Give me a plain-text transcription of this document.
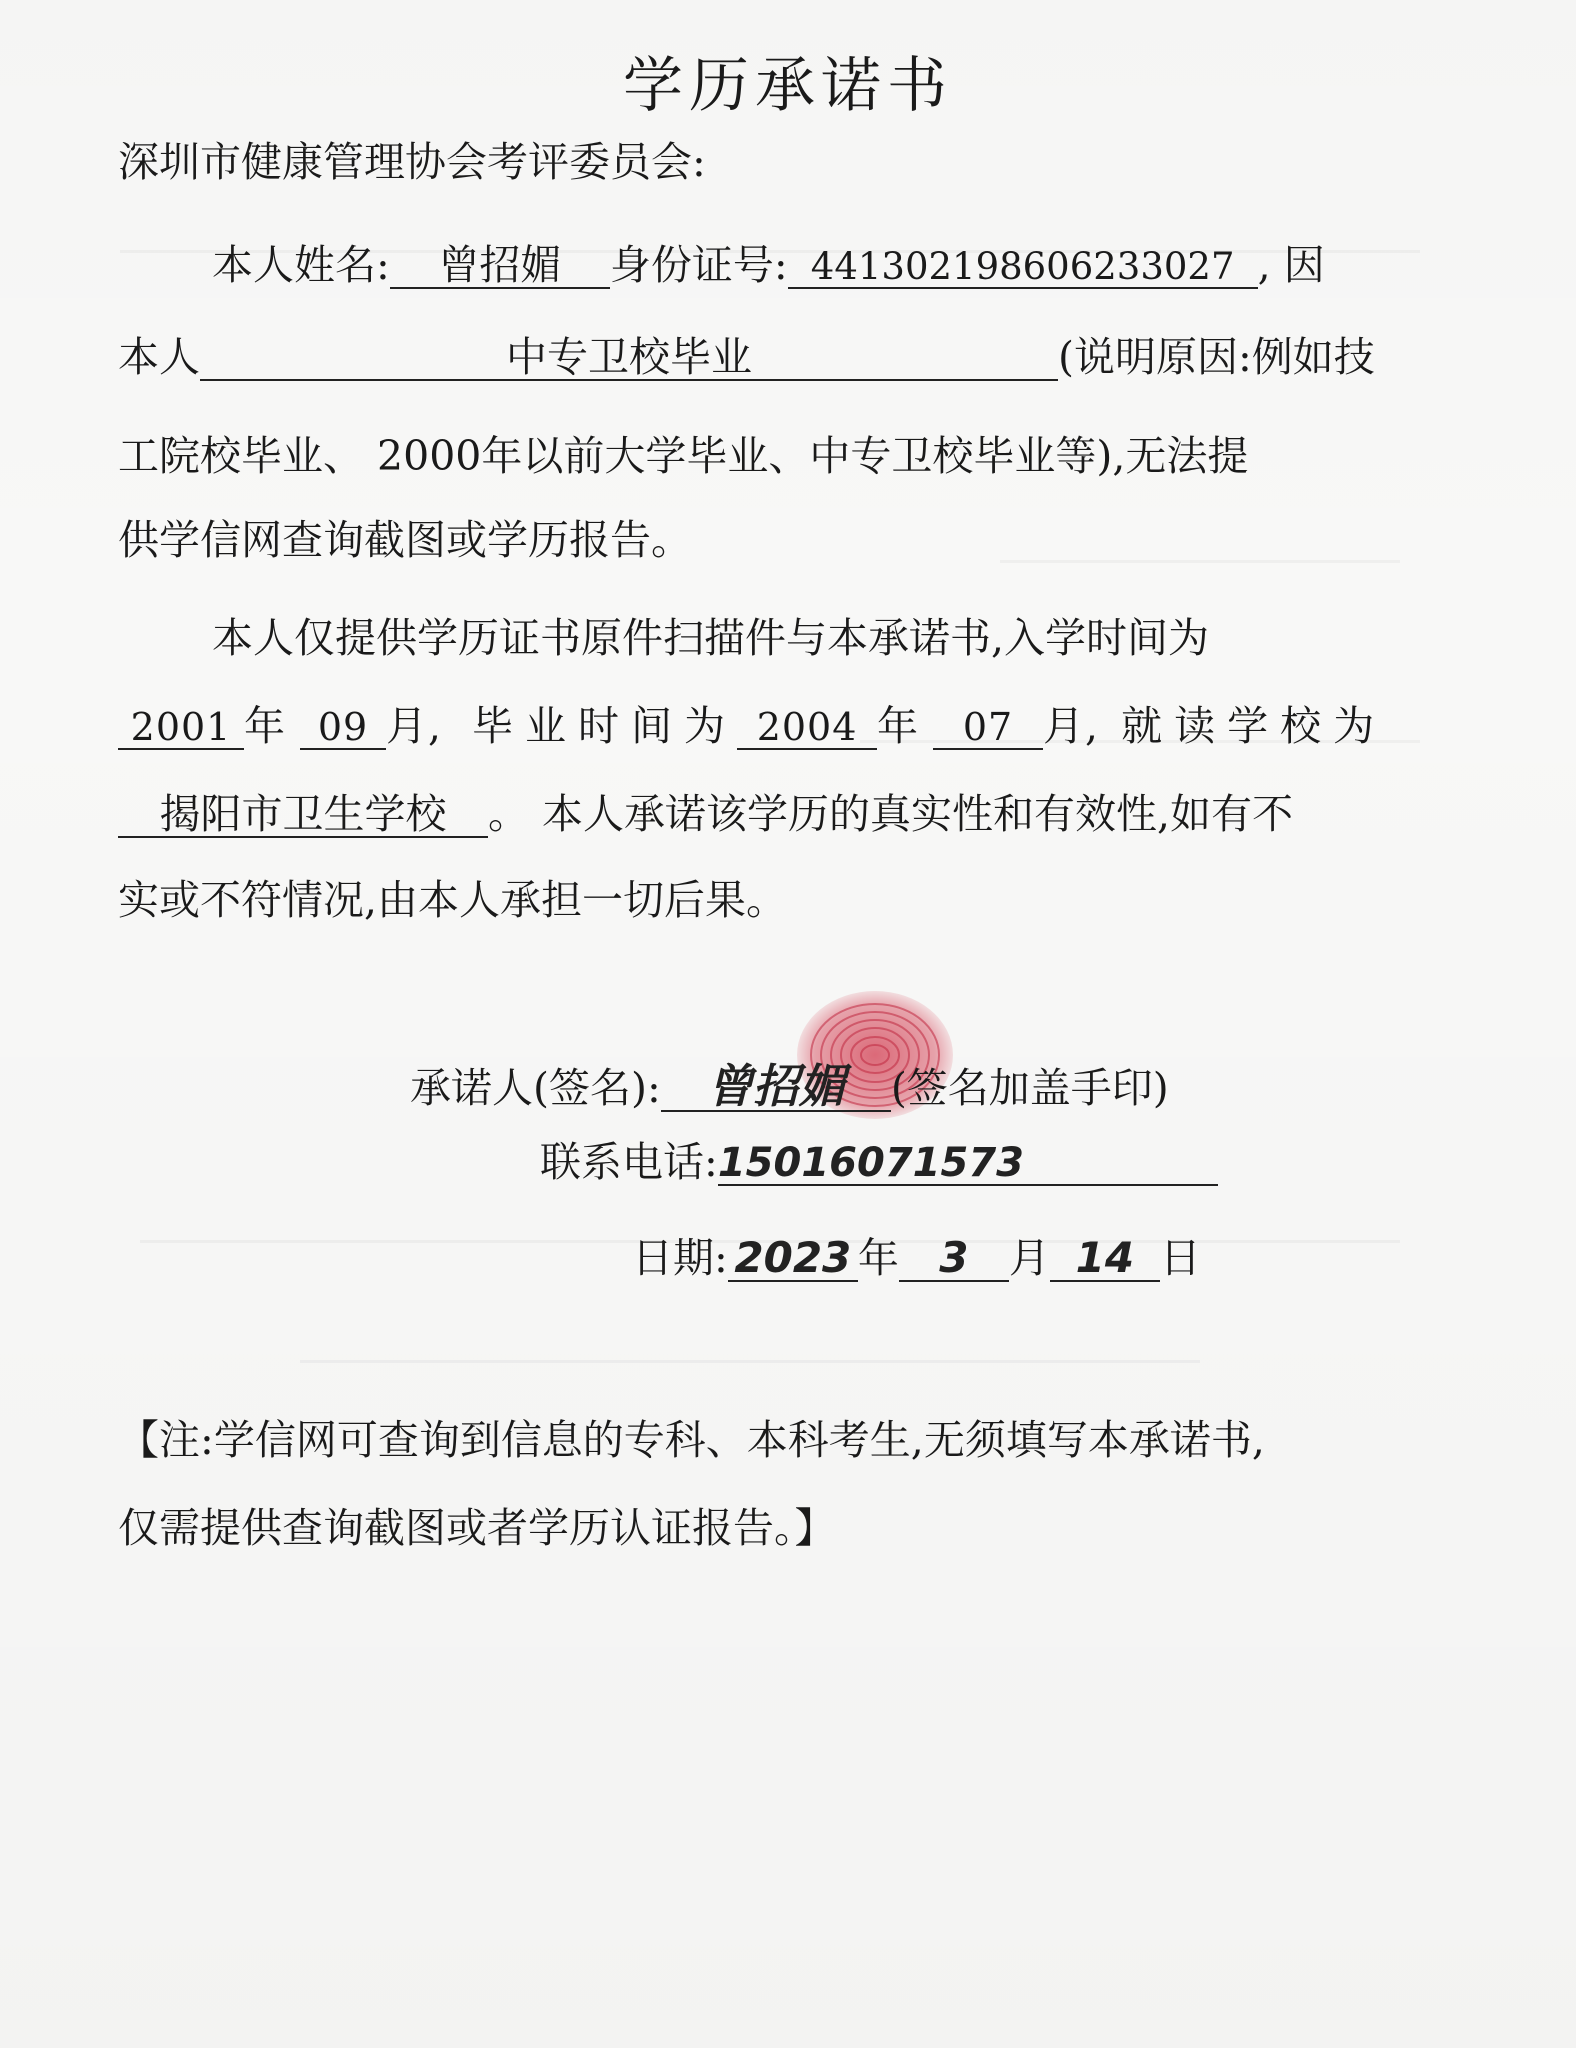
学历承诺书
深圳市健康管理协会考评委员会:
本人姓名: 曾招媚 身份证号: 441302198606233027 , 因
本人	中专卫校毕业	(说明原因:例如技
工院校毕业、 2000年以前大学毕业、中专卫校毕业等),无法提
供学信网查询截图或学历报告。
本人仅提供学历证书原件扫描件与本承诺书,入学时间为
2001 年 09 月, 毕业时间为 2004 年 07 月, 就读学校为
揭阳市卫生学校 。 本人承诺该学历的真实性和有效性,如有不
实或不符情况,由本人承担一切后果。
承诺人(签名): 曾招媚 (签名加盖手印)
联系电话:15016071573
日期: 2023 年 3 月 14 日
【注:学信网可查询到信息的专科、本科考生,无须填写本承诺书,
仅需提供查询截图或者学历认证报告。】
